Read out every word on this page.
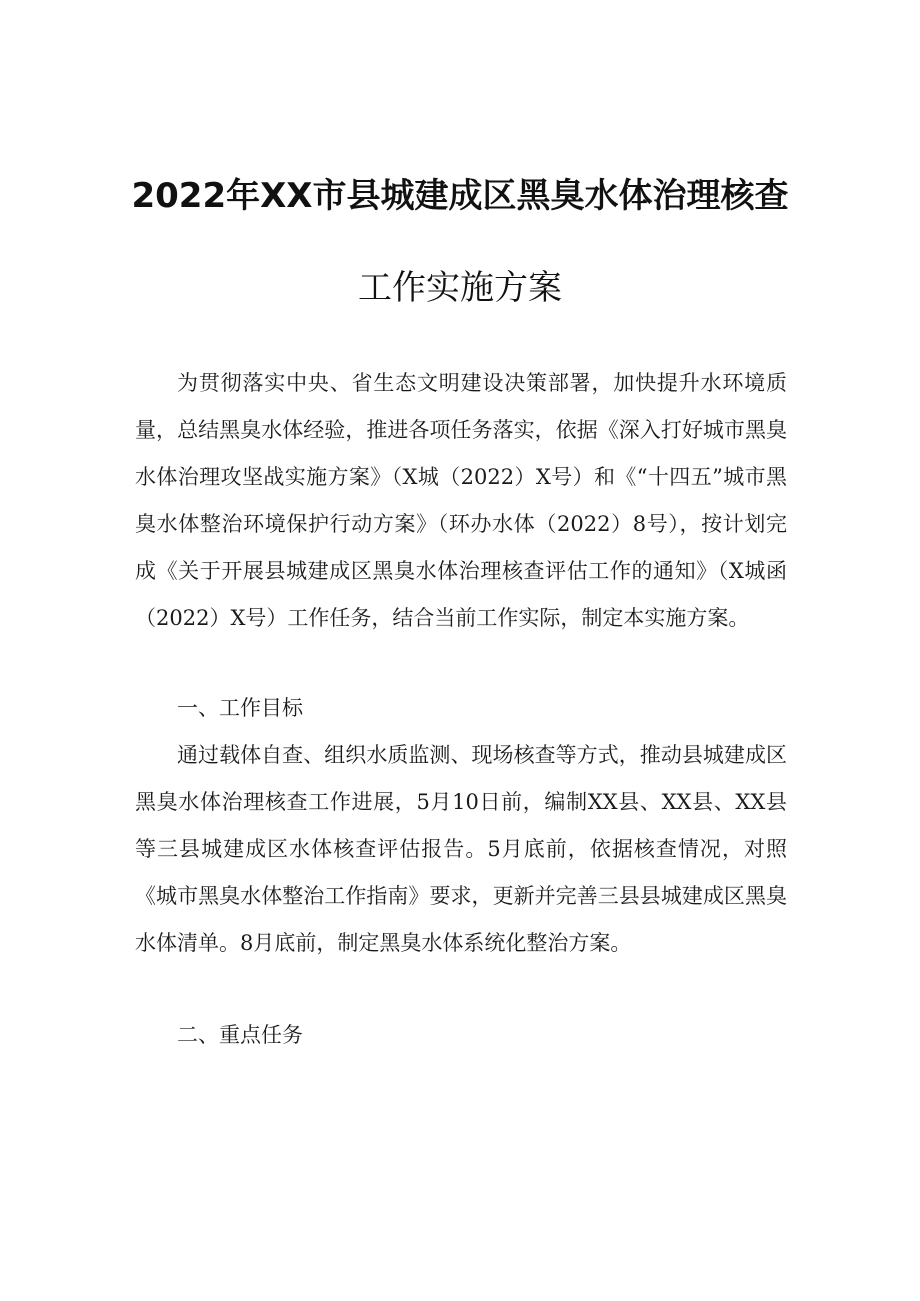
2022年XX市县城建成区黑臭水体治理核查
工作实施方案

为贯彻落实中央、省生态文明建设决策部署，加快提升水环境质量，总结黑臭水体经验，推进各项任务落实，依据《深入打好城市黑臭水体治理攻坚战实施方案》（X城（2022）X号）和《“十四五”城市黑臭水体整治环境保护行动方案》（环办水体（2022）8号），按计划完成《关于开展县城建成区黑臭水体治理核查评估工作的通知》（X城函（2022）X号）工作任务，结合当前工作实际，制定本实施方案。

一、工作目标

通过载体自查、组织水质监测、现场核查等方式，推动县城建成区黑臭水体治理核查工作进展，5月10日前，编制XX县、XX县、XX县等三县城建成区水体核查评估报告。5月底前，依据核查情况，对照《城市黑臭水体整治工作指南》要求，更新并完善三县县城建成区黑臭水体清单。8月底前，制定黑臭水体系统化整治方案。

二、重点任务
